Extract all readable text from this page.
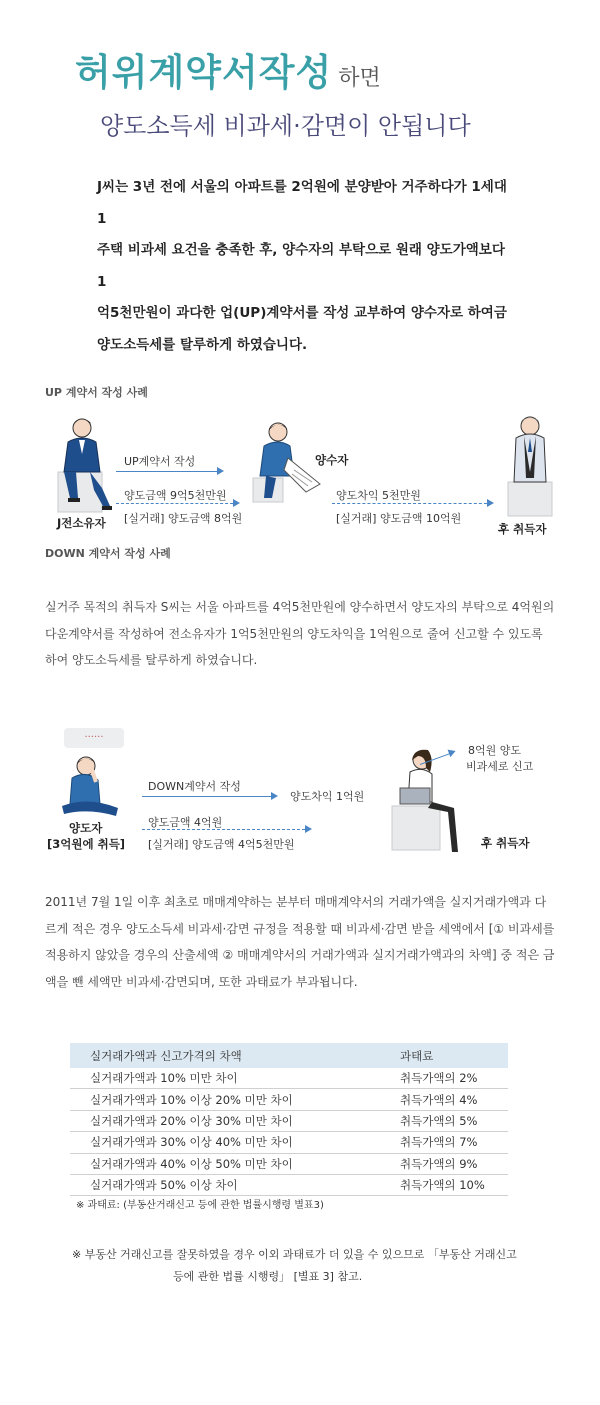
허위계약서작성 하면
양도소득세 비과세·감면이 안됩니다
J씨는 3년 전에 서울의 아파트를 2억원에 분양받아 거주하다가 1세대 1
주택 비과세 요건을 충족한 후, 양수자의 부탁으로 원래 양도가액보다 1
억5천만원이 과다한 업(UP)계약서를 작성 교부하여 양수자로 하여금
양도소득세를 탈루하게 하였습니다.
UP 계약서 작성 사례
J전소유자
UP계약서 작성
양도금액 9억5천만원
[실거래] 양도금액 8억원
양수자
양도차익 5천만원
[실거래] 양도금액 10억원
후 취득자
DOWN 계약서 작성 사례
실거주 목적의 취득자 S씨는 서울 아파트를 4억5천만원에 양수하면서 양도자의 부탁으로 4억원의 다운계약서를 작성하여 전소유자가 1억5천만원의 양도차익을 1억원으로 줄여 신고할 수 있도록 하여 양도소득세를 탈루하게 하였습니다.
......
양도자
[3억원에 취득]
DOWN계약서 작성
양도차익 1억원
양도금액 4억원
[실거래] 양도금액 4억5천만원
8억원 양도
비과세로 신고
후 취득자
2011년 7월 1일 이후 최초로 매매계약하는 분부터 매매계약서의 거래가액을 실지거래가액과 다르게 적은 경우 양도소득세 비과세·감면 규정을 적용할 때 비과세·감면 받을 세액에서 [① 비과세를 적용하지 않았을 경우의 산출세액 ② 매매계약서의 거래가액과 실지거래가액과의 차액] 중 적은 금액을 뺀 세액만 비과세·감면되며, 또한 과태료가 부과됩니다.
실거래가액과 신고가격의 차액	과태료
실거래가액과 10% 미만 차이	취득가액의 2%
실거래가액과 10% 이상 20% 미만 차이	취득가액의 4%
실거래가액과 20% 이상 30% 미만 차이	취득가액의 5%
실거래가액과 30% 이상 40% 미만 차이	취득가액의 7%
실거래가액과 40% 이상 50% 미만 차이	취득가액의 9%
실거래가액과 50% 이상 차이	취득가액의 10%
※ 과태료: (부동산거래신고 등에 관한 법률시행령 별표3)
※ 부동산 거래신고를 잘못하였을 경우 이외 과태료가 더 있을 수 있으므로 「부동산 거래신고
등에 관한 법률 시행령」 [별표 3] 참고.
